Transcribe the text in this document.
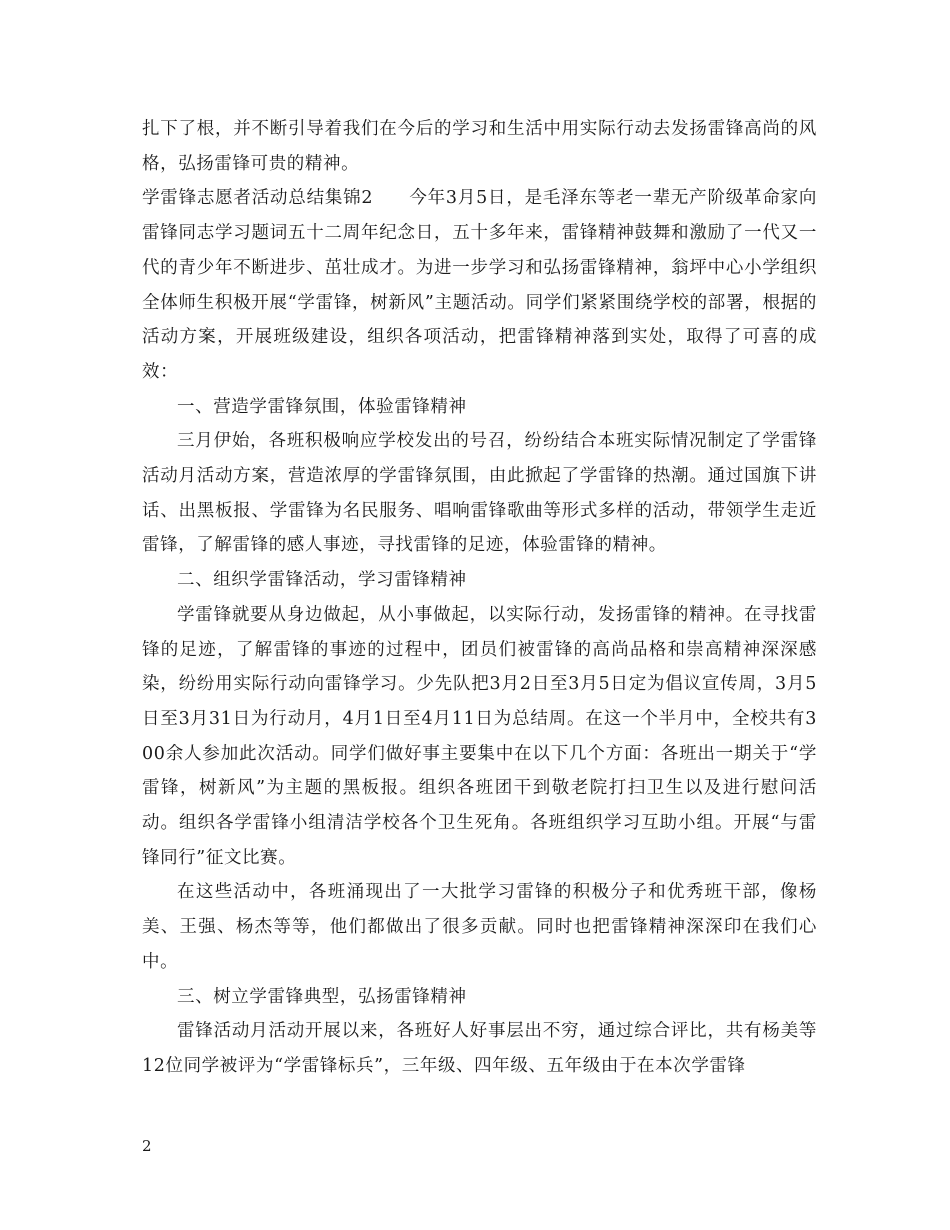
扎下了根，并不断引导着我们在今后的学习和生活中用实际行动去发扬雷锋高尚的风格，弘扬雷锋可贵的精神。

学雷锋志愿者活动总结集锦2 今年3月5日，是毛泽东等老一辈无产阶级革命家向雷锋同志学习题词五十二周年纪念日，五十多年来，雷锋精神鼓舞和激励了一代又一代的青少年不断进步、茁壮成才。为进一步学习和弘扬雷锋精神，翁坪中心小学组织全体师生积极开展“学雷锋，树新风”主题活动。同学们紧紧围绕学校的部署，根据的活动方案，开展班级建设，组织各项活动，把雷锋精神落到实处，取得了可喜的成效：

一、营造学雷锋氛围，体验雷锋精神

三月伊始，各班积极响应学校发出的号召，纷纷结合本班实际情况制定了学雷锋活动月活动方案，营造浓厚的学雷锋氛围，由此掀起了学雷锋的热潮。通过国旗下讲话、出黑板报、学雷锋为名民服务、唱响雷锋歌曲等形式多样的活动，带领学生走近雷锋，了解雷锋的感人事迹，寻找雷锋的足迹，体验雷锋的精神。

二、组织学雷锋活动，学习雷锋精神

学雷锋就要从身边做起，从小事做起，以实际行动，发扬雷锋的精神。在寻找雷锋的足迹，了解雷锋的事迹的过程中，团员们被雷锋的高尚品格和崇高精神深深感染，纷纷用实际行动向雷锋学习。少先队把3月2日至3月5日定为倡议宣传周，3月5日至3月31日为行动月，4月1日至4月11日为总结周。在这一个半月中，全校共有300余人参加此次活动。同学们做好事主要集中在以下几个方面：各班出一期关于“学雷锋，树新风”为主题的黑板报。组织各班团干到敬老院打扫卫生以及进行慰问活动。组织各学雷锋小组清洁学校各个卫生死角。各班组织学习互助小组。开展“与雷锋同行”征文比赛。

在这些活动中，各班涌现出了一大批学习雷锋的积极分子和优秀班干部，像杨美、王强、杨杰等等，他们都做出了很多贡献。同时也把雷锋精神深深印在我们心中。

三、树立学雷锋典型，弘扬雷锋精神

雷锋活动月活动开展以来，各班好人好事层出不穷，通过综合评比，共有杨美等12位同学被评为“学雷锋标兵”，三年级、四年级、五年级由于在本次学雷锋

2
